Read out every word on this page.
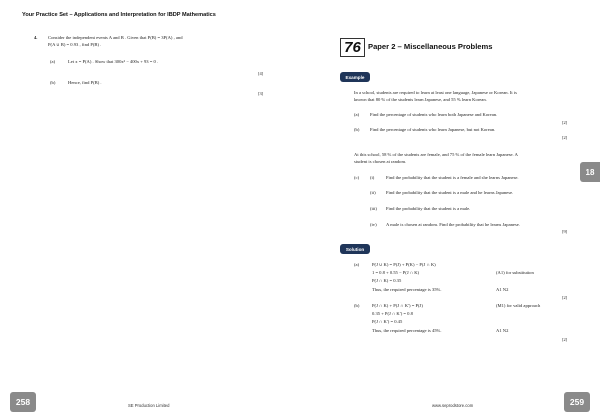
Your Practice Set – Applications and Interpretation for IBDP Mathematics
4. Consider the independent events A and B . Given that P(B) = 3P(A) , and
P(A ∪ B) = 0.93 , find P(B) .
(a)	Let x = P(A) . Show that 300x² − 400x + 93 = 0 .
[4]
(b)	Hence, find P(B) .
[3]
258	SE Production Limited
76 Paper 2 – Miscellaneous Problems
Example
In a school, students are required to learn at least one language, Japanese or Korean. It is
known that 80 % of the students learn Japanese, and 55 % learn Korean.
(a) Find the percentage of students who learn both Japanese and Korean.
[2]
(b) Find the percentage of students who learn Japanese, but not Korean.
[2]
At this school, 58 % of the students are female, and 75 % of the female learn Japanese. A
student is chosen at random.
(c) (i)	Find the probability that the student is a female and she learns Japanese.
(ii) Find the probability that the student is a male and he learns Japanese.
(iii) Find the probability that the student is a male.
(iv) A male is chosen at random. Find the probability that he learns Japanese.
[9]
Solution
(a)	P(J ∪ K) = P(J) + P(K) − P(J ∩ K)
1 = 0.8 + 0.55 − P(J ∩ K)	(A1) for substitution
P(J ∩ K) = 0.35
Thus, the required percentage is 35%.	A1 N2
[2]
(b)	P(J ∩ K) + P(J ∩ K′) = P(J)	(M1) for valid approach
0.35 + P(J ∩ K′) = 0.8
P(J ∩ K′) = 0.45
Thus, the required percentage is 45%.	A1 N2
[2]
18
www.seprodstore.com	259
